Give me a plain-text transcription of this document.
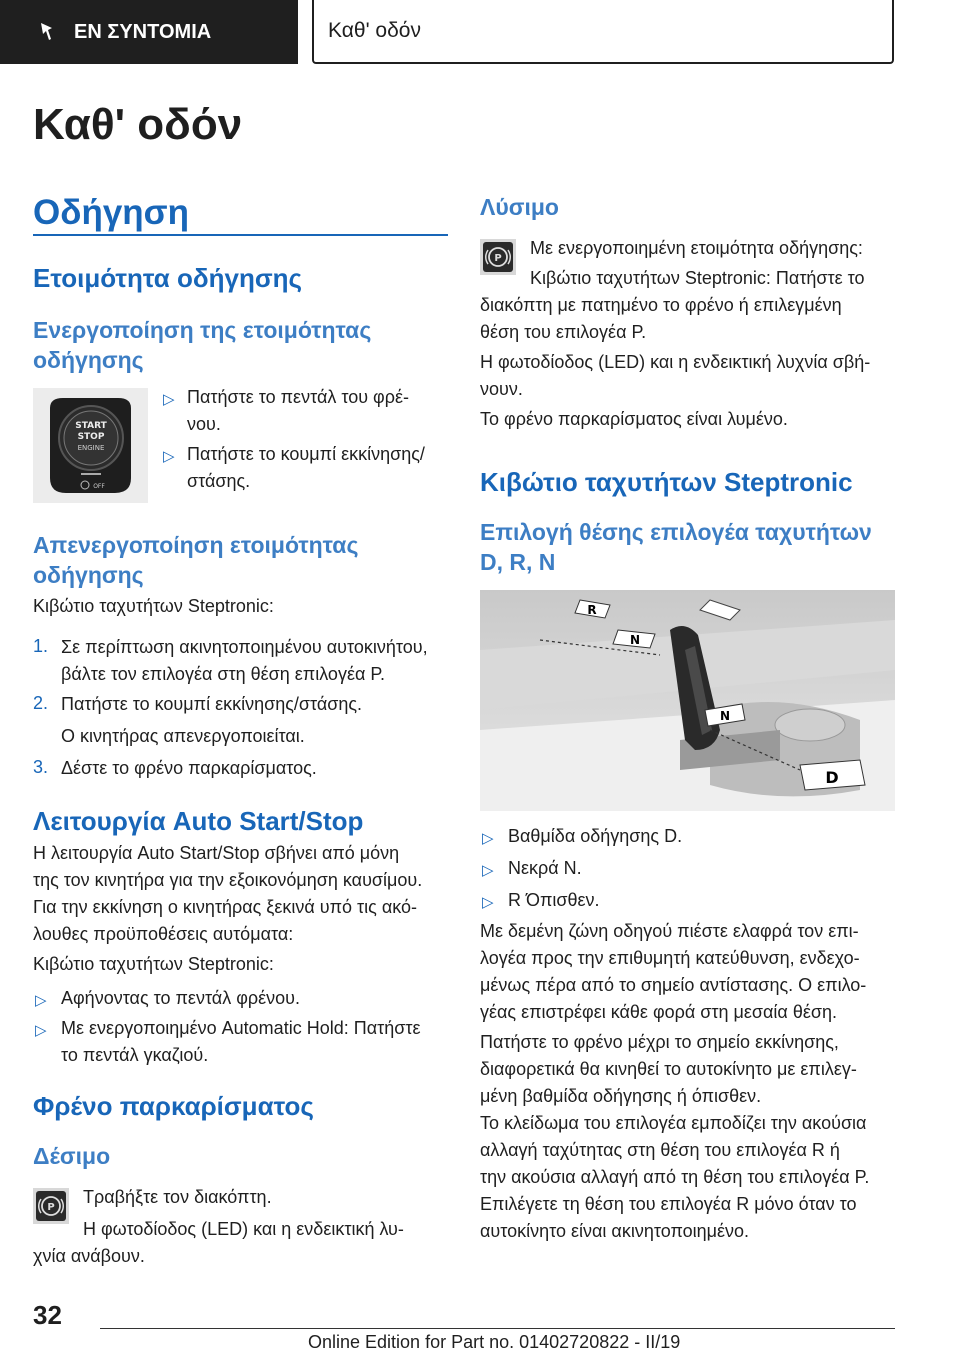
ΕΝ ΣΥΝΤΟΜΙΑ	Καθ' οδόν
Καθ' οδόν
Οδήγηση
Ετοιμότητα οδήγησης
Ενεργοποίηση της ετοιμότητας
οδήγησης
START
STOP
ENGINE
OFF
▷ Πατήστε το πεντάλ του φρέ-
νου.
▷ Πατήστε το κουμπί εκκίνησης/
στάσης.
Απενεργοποίηση ετοιμότητας
οδήγησης
Κιβώτιο ταχυτήτων Steptronic:
1. Σε περίπτωση ακινητοποιημένου αυτοκινήτου,
βάλτε τον επιλογέα στη θέση επιλογέα P.
2. Πατήστε το κουμπί εκκίνησης/στάσης.
Ο κινητήρας απενεργοποιείται.
3. Δέστε το φρένο παρκαρίσματος.
Λειτουργία Auto Start/Stop
Η λειτουργία Auto Start/Stop σβήνει από μόνη
της τον κινητήρα για την εξοικονόμηση καυσίμου.
Για την εκκίνηση ο κινητήρας ξεκινά υπό τις ακό-
λουθες προϋποθέσεις αυτόματα:
Κιβώτιο ταχυτήτων Steptronic:
▷ Αφήνοντας το πεντάλ φρένου.
▷ Με ενεργοποιημένο Automatic Hold: Πατήστε
το πεντάλ γκαζιού.
Φρένο παρκαρίσματος
Δέσιμο
P
Τραβήξτε τον διακόπτη.
Η φωτοδίοδος (LED) και η ενδεικτική λυ-
χνία ανάβουν.
Λύσιμο
P
Με ενεργοποιημένη ετοιμότητα οδήγησης:
Κιβώτιο ταχυτήτων Steptronic: Πατήστε το
διακόπτη με πατημένο το φρένο ή επιλεγμένη
θέση του επιλογέα P.
Η φωτοδίοδος (LED) και η ενδεικτική λυχνία σβή-
νουν.
Το φρένο παρκαρίσματος είναι λυμένο.
Κιβώτιο ταχυτήτων Steptronic
Επιλογή θέσης επιλογέα ταχυτήτων
D, R, N
R
N
N
D
▷ Βαθμίδα οδήγησης D.
▷ Νεκρά N.
▷ R Όπισθεν.
Με δεμένη ζώνη οδηγού πιέστε ελαφρά τον επι-
λογέα προς την επιθυμητή κατεύθυνση, ενδεχο-
μένως πέρα από το σημείο αντίστασης. Ο επιλο-
γέας επιστρέφει κάθε φορά στη μεσαία θέση.
Πατήστε το φρένο μέχρι το σημείο εκκίνησης,
διαφορετικά θα κινηθεί το αυτοκίνητο με επιλεγ-
μένη βαθμίδα οδήγησης ή όπισθεν.
Το κλείδωμα του επιλογέα εμποδίζει την ακούσια
αλλαγή ταχύτητας στη θέση του επιλογέα R ή
την ακούσια αλλαγή από τη θέση του επιλογέα P.
Επιλέγετε τη θέση του επιλογέα R μόνο όταν το
αυτοκίνητο είναι ακινητοποιημένο.
32
Online Edition for Part no. 01402720822 - II/19
